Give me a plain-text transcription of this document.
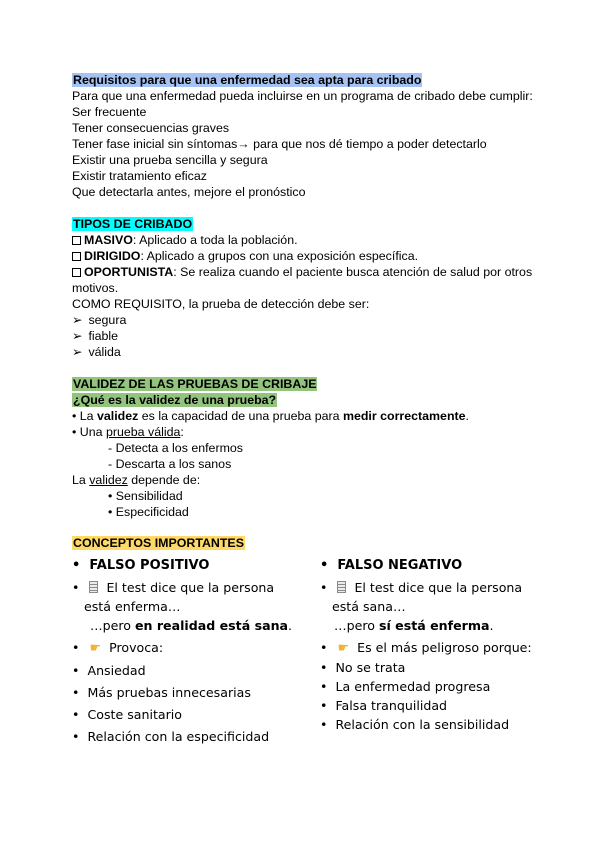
Requisitos para que una enfermedad sea apta para cribado
Para que una enfermedad pueda incluirse en un programa de cribado debe cumplir:
Ser frecuente
Tener consecuencias graves
Tener fase inicial sin síntomas→ para que nos dé tiempo a poder detectarlo
Existir una prueba sencilla y segura
Existir tratamiento eficaz
Que detectarla antes, mejore el pronóstico
TIPOS DE CRIBADO
MASIVO: Aplicado a toda la población.
DIRIGIDO: Aplicado a grupos con una exposición específica.
OPORTUNISTA: Se realiza cuando el paciente busca atención de salud por otros
motivos.
COMO REQUISITO, la prueba de detección debe ser:
➢ segura
➢ fiable
➢ válida
VALIDEZ DE LAS PRUEBAS DE CRIBAJE
¿Qué es la validez de una prueba?
• La validez es la capacidad de una prueba para medir correctamente.
• Una prueba válida:
- Detecta a los enfermos
- Descarta a los sanos
La validez depende de:
• Sensibilidad
• Especificidad
CONCEPTOS IMPORTANTES
• FALSO POSITIVO
• El test dice que la persona
está enferma…
…pero en realidad está sana.
• ☛ Provoca:
• Ansiedad
• Más pruebas innecesarias
• Coste sanitario
• Relación con la especificidad
• FALSO NEGATIVO
• El test dice que la persona
está sana…
…pero sí está enferma.
• ☛ Es el más peligroso porque:
• No se trata
• La enfermedad progresa
• Falsa tranquilidad
• Relación con la sensibilidad
